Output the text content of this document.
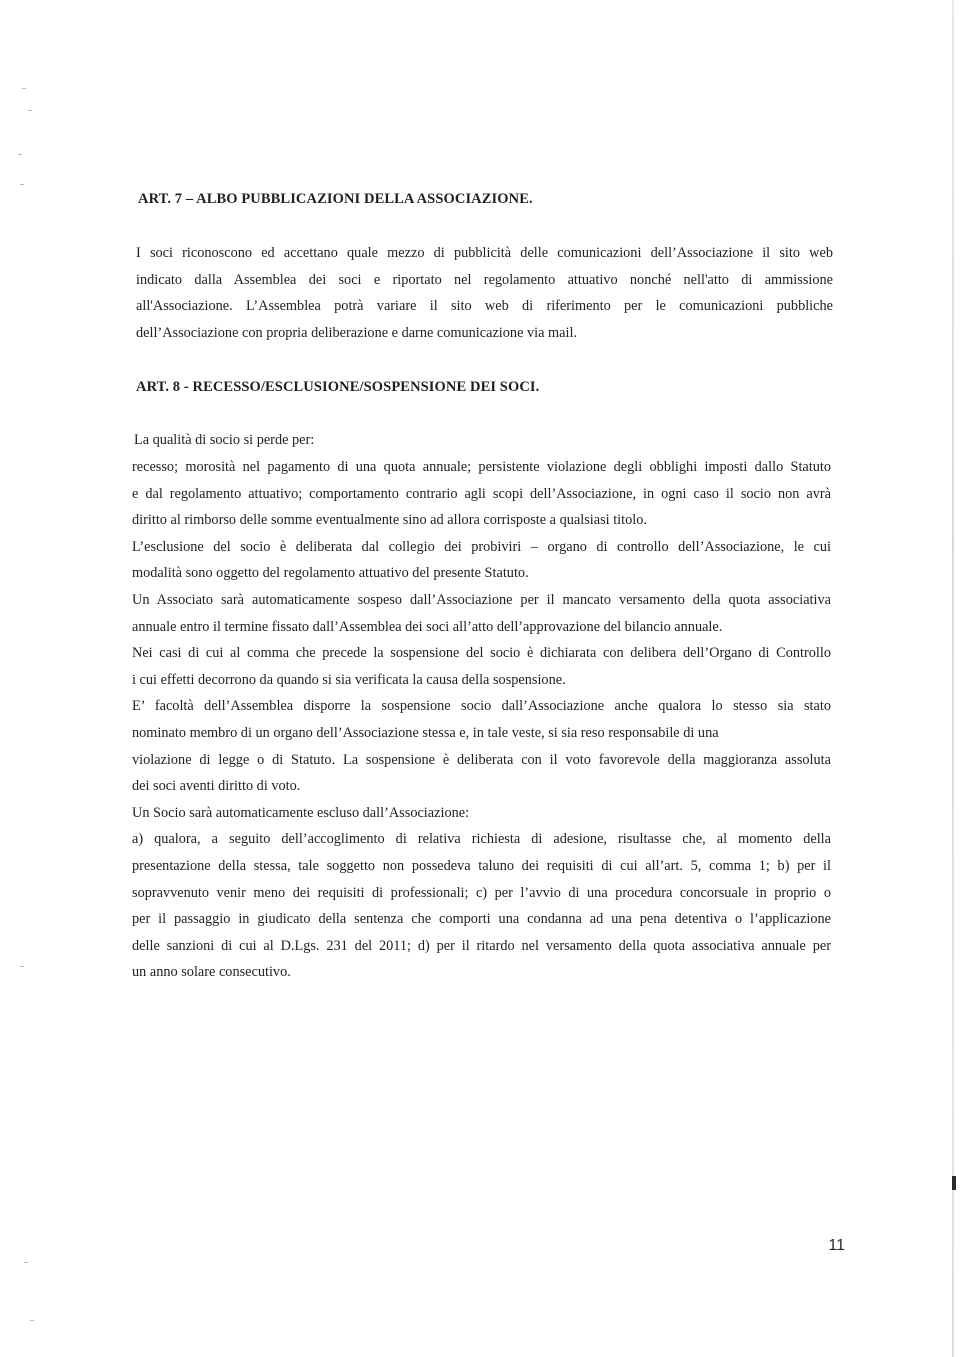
ART. 7 – ALBO PUBBLICAZIONI DELLA ASSOCIAZIONE.
I soci riconoscono ed accettano quale mezzo di pubblicità delle comunicazioni dell’Associazione il sito web
indicato dalla Assemblea dei soci e riportato nel regolamento attuativo nonché nell'atto di ammissione
all'Associazione. L’Assemblea potrà variare il sito web di riferimento per le comunicazioni pubbliche
dell’Associazione con propria deliberazione e darne comunicazione via mail.
ART. 8 - RECESSO/ESCLUSIONE/SOSPENSIONE DEI SOCI.
La qualità di socio si perde per:
recesso; morosità nel pagamento di una quota annuale; persistente violazione degli obblighi imposti dallo Statuto
e dal regolamento attuativo; comportamento contrario agli scopi dell’Associazione, in ogni caso il socio non avrà
diritto al rimborso delle somme eventualmente sino ad allora corrisposte a qualsiasi titolo.
L’esclusione del socio è deliberata dal collegio dei probiviri – organo di controllo dell’Associazione, le cui
modalità sono oggetto del regolamento attuativo del presente Statuto.
Un Associato sarà automaticamente sospeso dall’Associazione per il mancato versamento della quota associativa
annuale entro il termine fissato dall’Assemblea dei soci all’atto dell’approvazione del bilancio annuale.
Nei casi di cui al comma che precede la sospensione del socio è dichiarata con delibera dell’Organo di Controllo
i cui effetti decorrono da quando si sia verificata la causa della sospensione.
E’ facoltà dell’Assemblea disporre la sospensione socio dall’Associazione anche qualora lo stesso sia stato
nominato membro di un organo dell’Associazione stessa e, in tale veste, si sia reso responsabile di una
violazione di legge o di Statuto. La sospensione è deliberata con il voto favorevole della maggioranza assoluta
dei soci aventi diritto di voto.
Un Socio sarà automaticamente escluso dall’Associazione:
a) qualora, a seguito dell’accoglimento di relativa richiesta di adesione, risultasse che, al momento della
presentazione della stessa, tale soggetto non possedeva taluno dei requisiti di cui all’art. 5, comma 1; b) per il
sopravvenuto venir meno dei requisiti di professionali; c) per l’avvio di una procedura concorsuale in proprio o
per il passaggio in giudicato della sentenza che comporti una condanna ad una pena detentiva o l’applicazione
delle sanzioni di cui al D.Lgs. 231 del 2011; d) per il ritardo nel versamento della quota associativa annuale per
un anno solare consecutivo.
11
